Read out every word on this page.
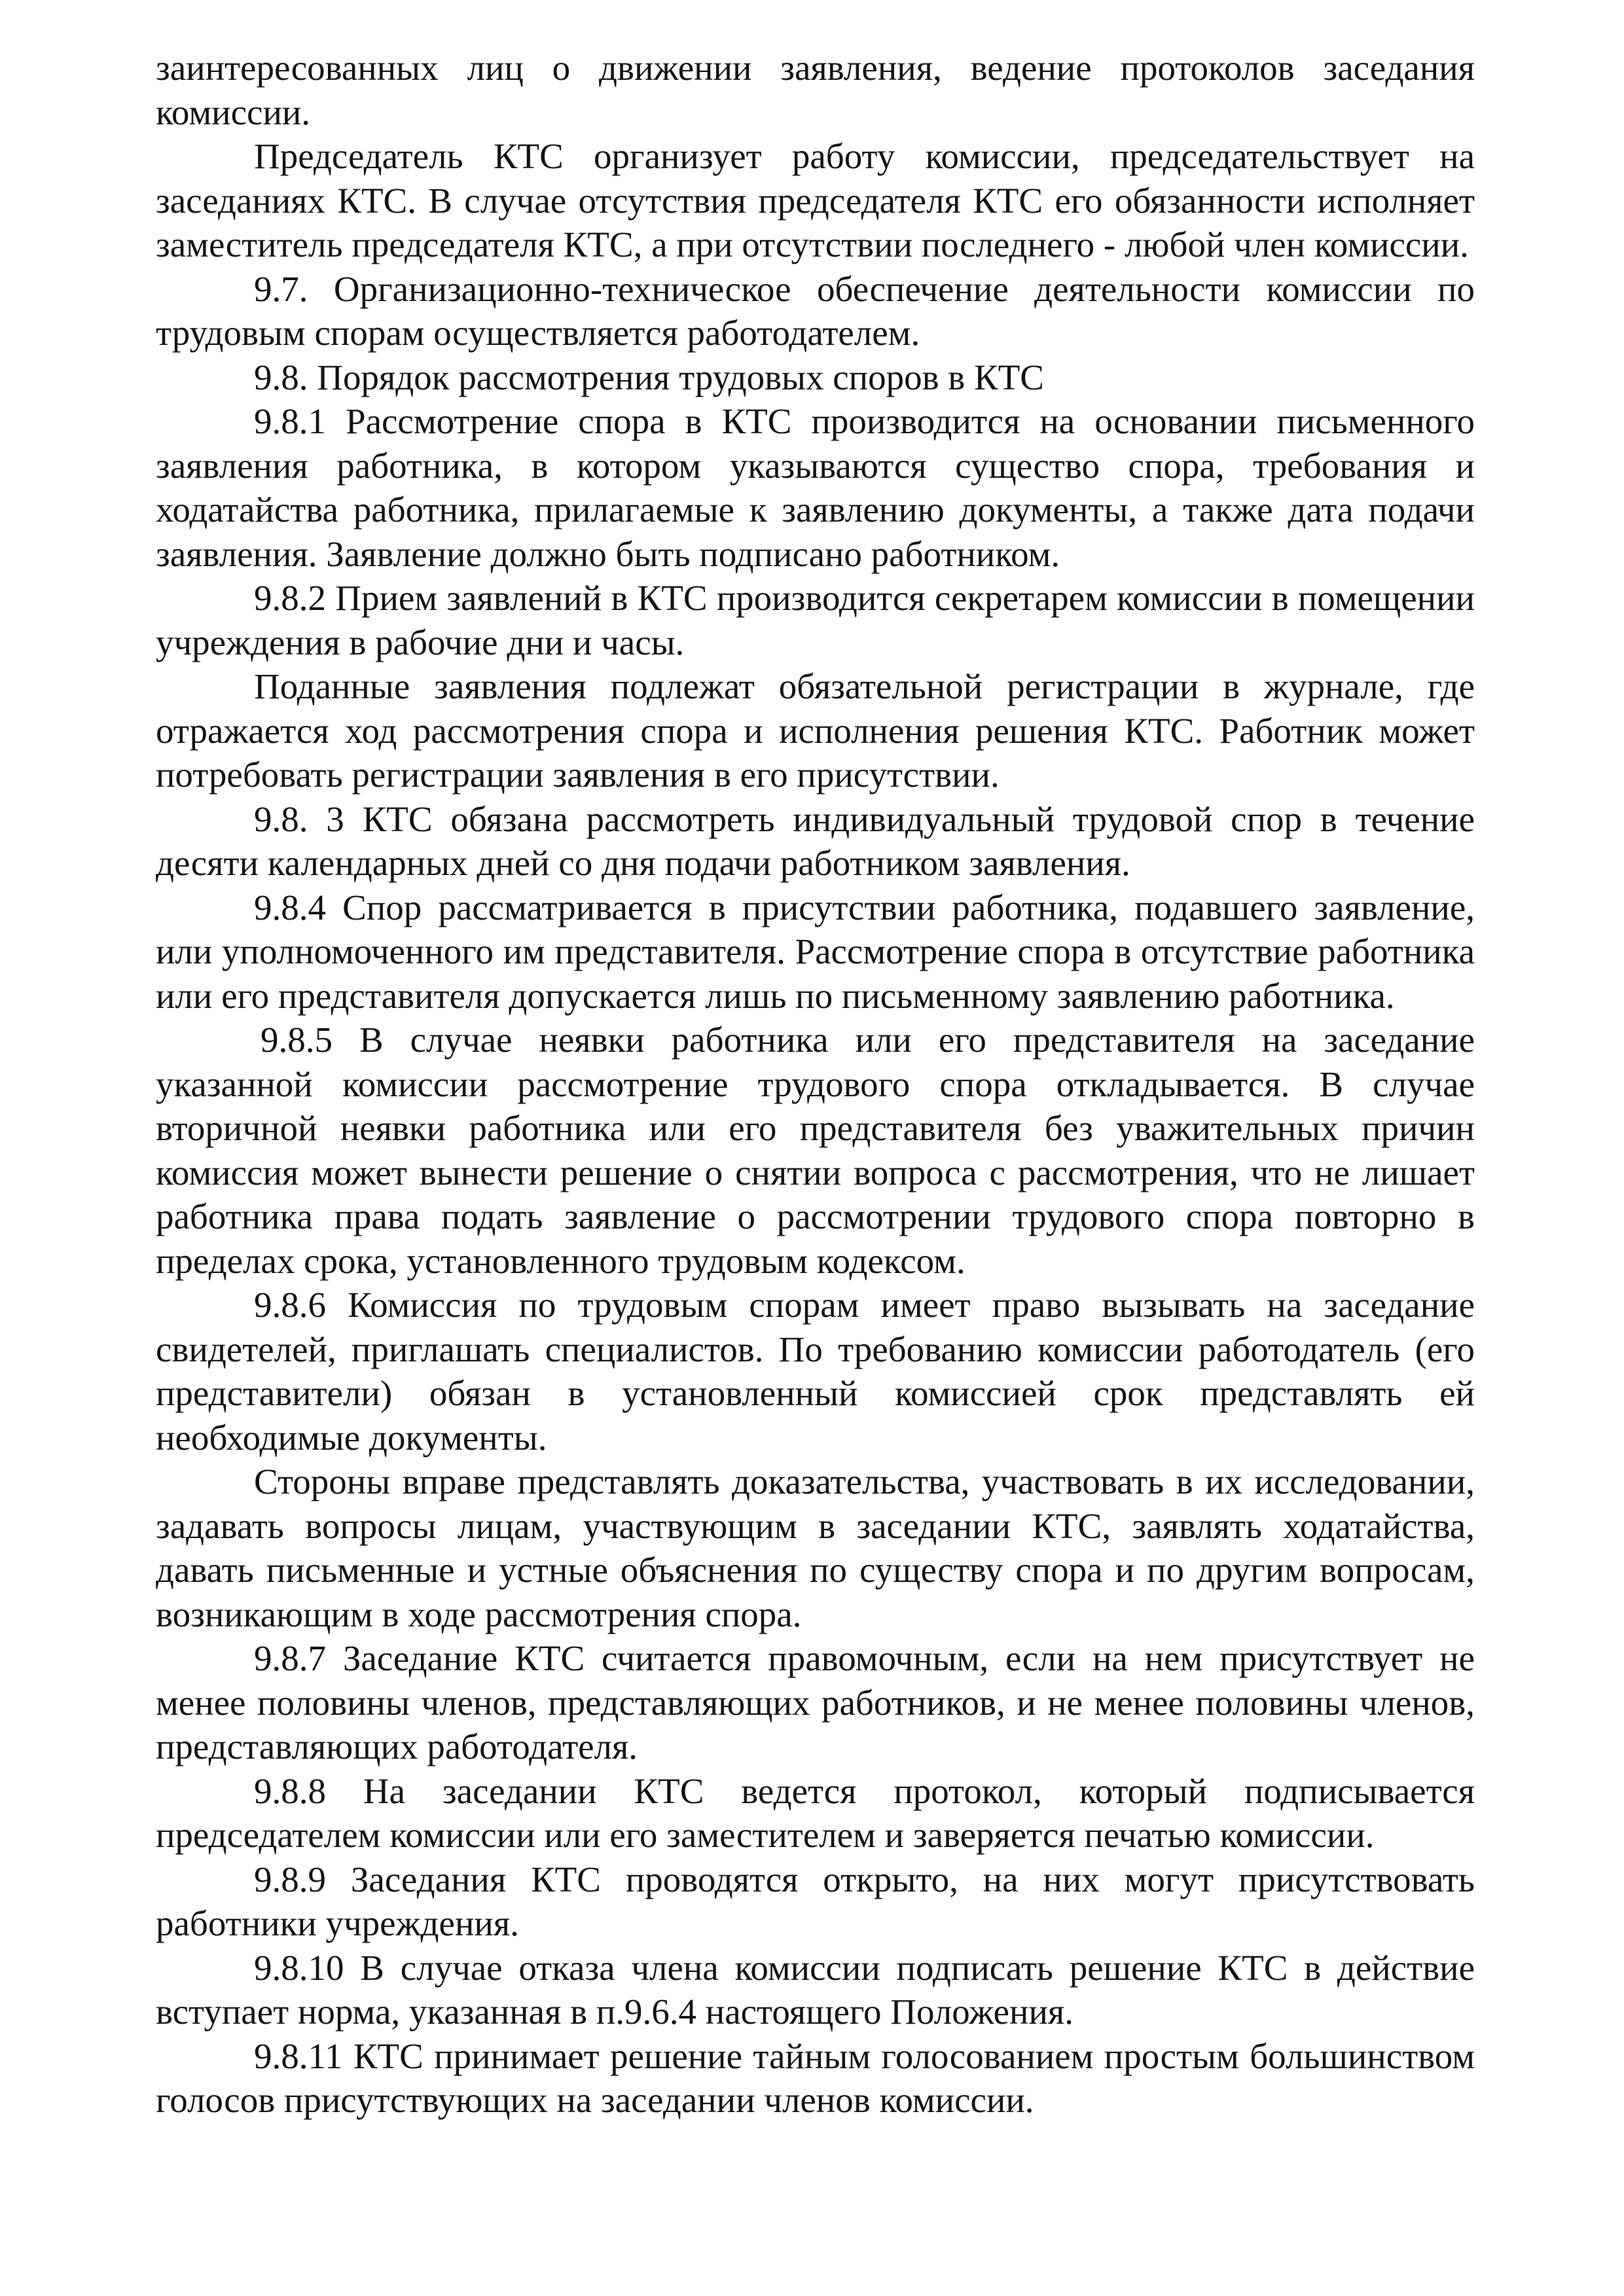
заинтересованных лиц о движении заявления, ведение протоколов заседания комиссии.

Председатель КТС организует работу комиссии, председательствует на заседаниях КТС. В случае отсутствия председателя КТС его обязанности исполняет заместитель председателя КТС, а при отсутствии последнего - любой член комиссии.

9.7. Организационно-техническое обеспечение деятельности комиссии по трудовым спорам осуществляется работодателем.

9.8. Порядок рассмотрения трудовых споров в КТС

9.8.1 Рассмотрение спора в КТС производится на основании письменного заявления работника, в котором указываются существо спора, требования и ходатайства работника, прилагаемые к заявлению документы, а также дата подачи заявления. Заявление должно быть подписано работником.

9.8.2 Прием заявлений в КТС производится секретарем комиссии в помещении учреждения в рабочие дни и часы.

Поданные заявления подлежат обязательной регистрации в журнале, где отражается ход рассмотрения спора и исполнения решения КТС. Работник может потребовать регистрации заявления в его присутствии.

9.8. 3 КТС обязана рассмотреть индивидуальный трудовой спор в течение десяти календарных дней со дня подачи работником заявления.

9.8.4 Спор рассматривается в присутствии работника, подавшего заявление, или уполномоченного им представителя. Рассмотрение спора в отсутствие работника или его представителя допускается лишь по письменному заявлению работника.

9.8.5 В случае неявки работника или его представителя на заседание указанной комиссии рассмотрение трудового спора откладывается. В случае вторичной неявки работника или его представителя без уважительных причин комиссия может вынести решение о снятии вопроса с рассмотрения, что не лишает работника права подать заявление о рассмотрении трудового спора повторно в пределах срока, установленного трудовым кодексом.

9.8.6 Комиссия по трудовым спорам имеет право вызывать на заседание свидетелей, приглашать специалистов. По требованию комиссии работодатель (его представители) обязан в установленный комиссией срок представлять ей необходимые документы.

Стороны вправе представлять доказательства, участвовать в их исследовании, задавать вопросы лицам, участвующим в заседании КТС, заявлять ходатайства, давать письменные и устные объяснения по существу спора и по другим вопросам, возникающим в ходе рассмотрения спора.

9.8.7 Заседание КТС считается правомочным, если на нем присутствует не менее половины членов, представляющих работников, и не менее половины членов, представляющих работодателя.

9.8.8 На заседании КТС ведется протокол, который подписывается председателем комиссии или его заместителем и заверяется печатью комиссии.

9.8.9 Заседания КТС проводятся открыто, на них могут присутствовать работники учреждения.

9.8.10 В случае отказа члена комиссии подписать решение КТС в действие вступает норма, указанная в п.9.6.4 настоящего Положения.

9.8.11 КТС принимает решение тайным голосованием простым большинством голосов присутствующих на заседании членов комиссии.
